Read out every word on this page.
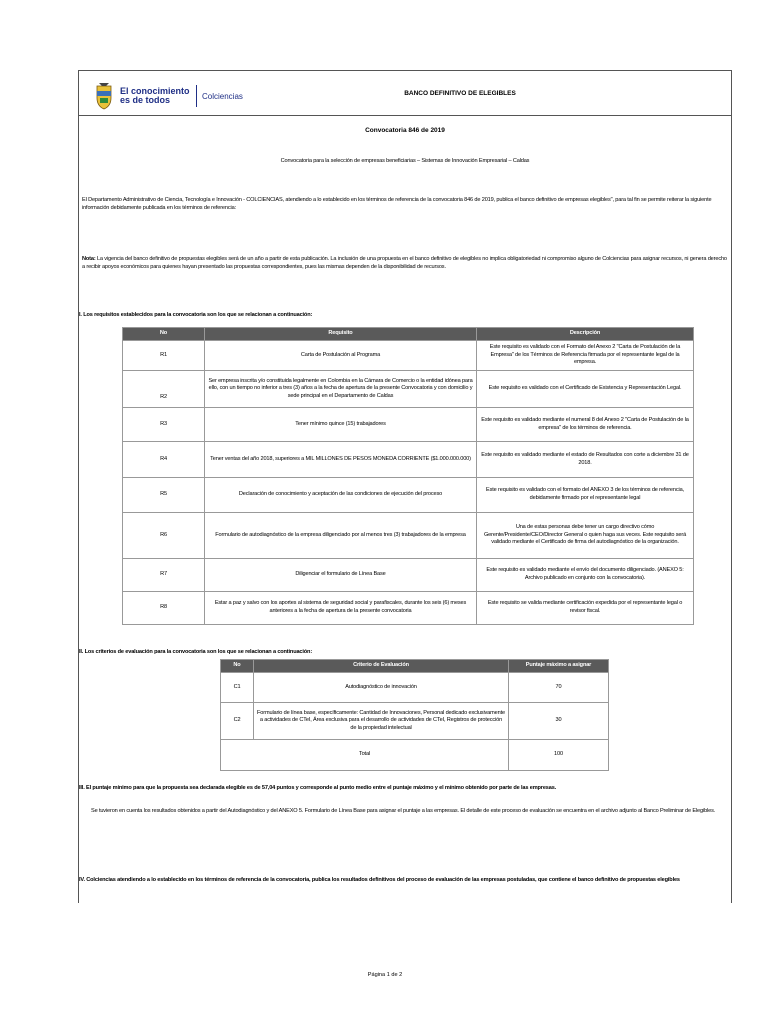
El conocimiento es de todos	Colciencias	BANCO DEFINITIVO DE ELEGIBLES
Convocatoria 846 de 2019
Convocatoria para la selección de empresas beneficiarias – Sistemas de Innovación Empresarial – Caldas
El Departamento Administrativo de Ciencia, Tecnología e Innovación - COLCIENCIAS, atendiendo a lo establecido en los términos de referencia de la convocatoria 846 de 2019, publica el banco definitivo de empresas elegibles", para tal fin se permite reiterar la siguiente información debidamente publicada en los términos de referencia:
Nota: La vigencia del banco definitivo de propuestas elegibles será de un año a partir de esta publicación. La inclusión de una propuesta en el banco definitivo de elegibles no implica obligatoriedad ni compromiso alguno de Colciencias para asignar recursos, ni genera derecho a recibir apoyos económicos para quienes hayan presentado las propuestas correspondientes, pues las mismas dependen de la disponibilidad de recursos.
I. Los requisitos establecidos para la convocatoria son los que se relacionan a continuación:
No	Requisito	Descripción
R1	Carta de Postulación al Programa	Este requisito es validado con el Formato del Anexo 2 "Carta de Postulación de la Empresa" de los Términos de Referencia firmada por el representante legal de la empresa.
R2	Ser empresa inscrita y/o constituida legalmente en Colombia en la Cámara de Comercio o la entidad idónea para ello, con un tiempo no inferior a tres (3) años a la fecha de apertura de la presente Convocatoria y con domicilio y sede principal en el Departamento de Caldas	Este requisito es validado con el Certificado de Existencia y Representación Legal.
R3	Tener mínimo quince (15) trabajadores	Este requisito es validado mediante el numeral 8 del Anexo 2 "Carta de Postulación de la empresa" de los términos de referencia.
R4	Tener ventas del año 2018, superiores a MIL MILLONES DE PESOS MONEDA CORRIENTE ($1.000.000.000)	Este requisito es validado mediante el estado de Resultados con corte a diciembre 31 de 2018.
R5	Declaración de conocimiento y aceptación de las condiciones de ejecución del proceso	Este requisito es validado con el formato del ANEXO 3 de los términos de referencia, debidamente firmado por el representante legal
R6	Formulario de autodiagnóstico de la empresa diligenciado por al menos tres (3) trabajadores de la empresa	Una de estas personas debe tener un cargo directivo cómo Gerente/Presidente/CEO/Director General o quien haga sus veces. Este requisito será validado mediante el Certificado de firma del autodiagnóstico de la organización.
R7	Diligenciar el formulario de Línea Base	Este requisito es validado mediante el envío del documento diligenciado. (ANEXO 5: Archivo publicado en conjunto con la convocatoria).
R8	Estar a paz y salvo con los aportes al sistema de seguridad social y parafiscales, durante los seis (6) meses anteriores a la fecha de apertura de la presente convocatoria	Este requisito se valida mediante certificación expedida por el representante legal o revisor fiscal.
II. Los criterios de evaluación para la convocatoria son los que se relacionan a continuación:
No	Criterio de Evaluación	Puntaje máximo a asignar
C1	Autodiagnóstico de innovación	70
C2	Formulario de línea base, específicamente: Cantidad de Innovaciones, Personal dedicado exclusivamente a actividades de CTeI, Área exclusiva para el desarrollo de actividades de CTeI, Registros de protección de la propiedad intelectual	30
Total		100
III. El puntaje mínimo para que la propuesta sea declarada elegible es de 57,04 puntos y corresponde al punto medio entre el puntaje máximo y el mínimo obtenido por parte de las empresas.
Se tuvieron en cuenta los resultados obtenidos a partir del Autodiagnóstico y del ANEXO 5. Formulario de Línea Base para asignar el puntaje a las empresas. El detalle de este proceso de evaluación se encuentra en el archivo adjunto al Banco Preliminar de Elegibles.
IV. Colciencias atendiendo a lo establecido en los términos de referencia de la convocatoria, publica los resultados definitivos del proceso de evaluación de las empresas postuladas, que contiene el banco definitivo de propuestas elegibles
Página 1 de 2
